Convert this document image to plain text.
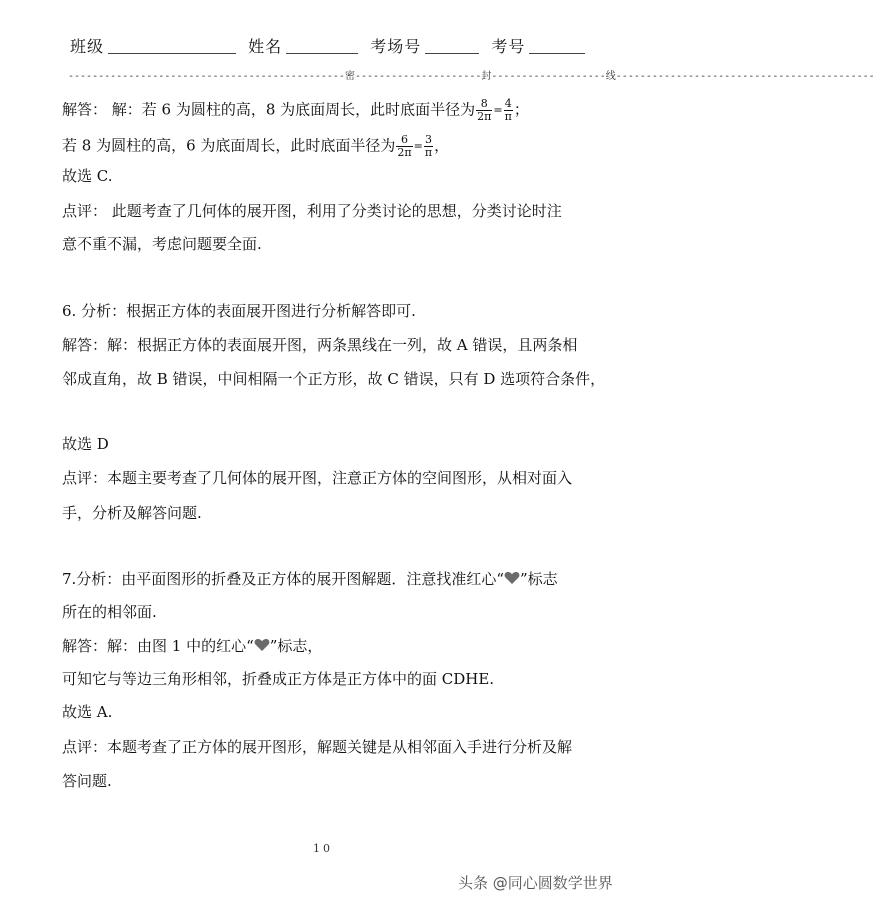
班级	姓名	考场号	考号
----------------------------------------------密---------------------封-------------------线-------------------------------------------
解答： 解：若 6 为圆柱的高，8 为底面周长，此时底面半径为 $\frac{8}{2\pi} = \frac{4}{\pi}$ ；
若 8 为圆柱的高，6 为底面周长，此时底面半径为 $\frac{6}{2\pi} = \frac{3}{\pi}$ ，
故选 C.
点评： 此题考查了几何体的展开图，利用了分类讨论的思想，分类讨论时注
意不重不漏，考虑问题要全面.
6. 分析：根据正方体的表面展开图进行分析解答即可.
解答：解：根据正方体的表面展开图，两条黑线在一列，故 A 错误，且两条相
邻成直角，故 B 错误，中间相隔一个正方形，故 C 错误，只有 D 选项符合条件，
故选 D
点评：本题主要考查了几何体的展开图，注意正方体的空间图形，从相对面入
手，分析及解答问题.
7.分析：由平面图形的折叠及正方体的展开图解题．注意找准红心“ ”标志
所在的相邻面.
解答：解：由图 1 中的红心“ ”标志，
可知它与等边三角形相邻，折叠成正方体是正方体中的面 CDHE.
故选 A.
点评：本题考查了正方体的展开图形，解题关键是从相邻面入手进行分析及解
答问题.
10
头条 @同心圆数学世界
